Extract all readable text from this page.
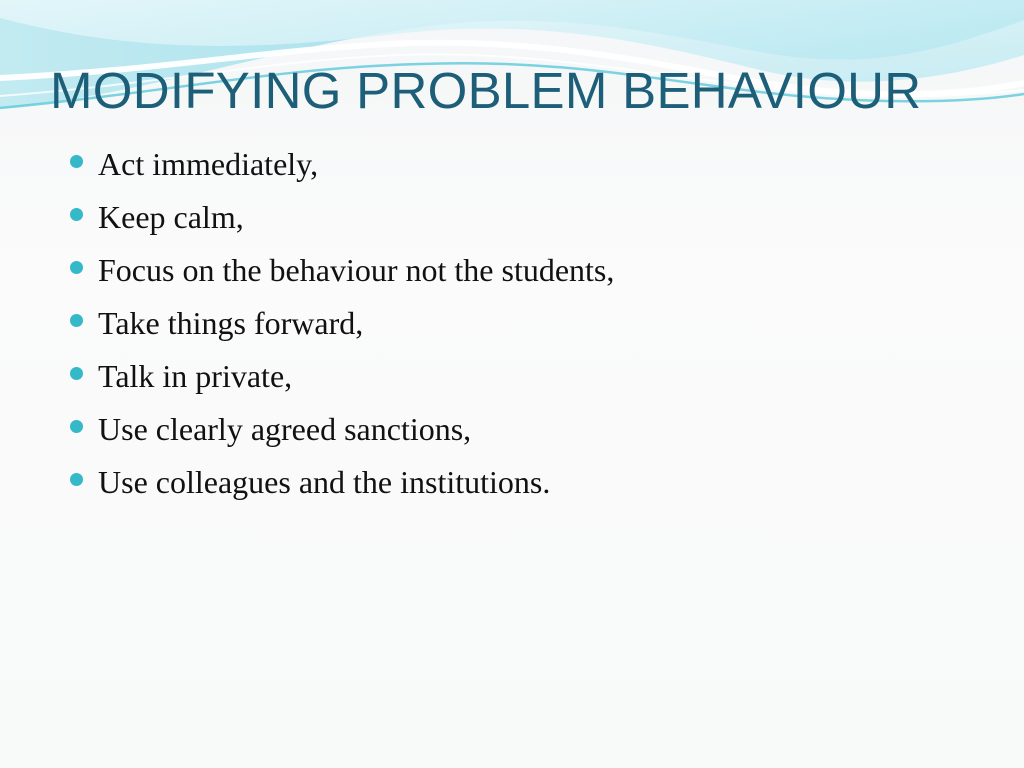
MODIFYING PROBLEM BEHAVIOUR
Act immediately,
Keep calm,
Focus on the behaviour not the students,
Take things forward,
Talk in private,
Use clearly agreed sanctions,
Use colleagues and the institutions.
